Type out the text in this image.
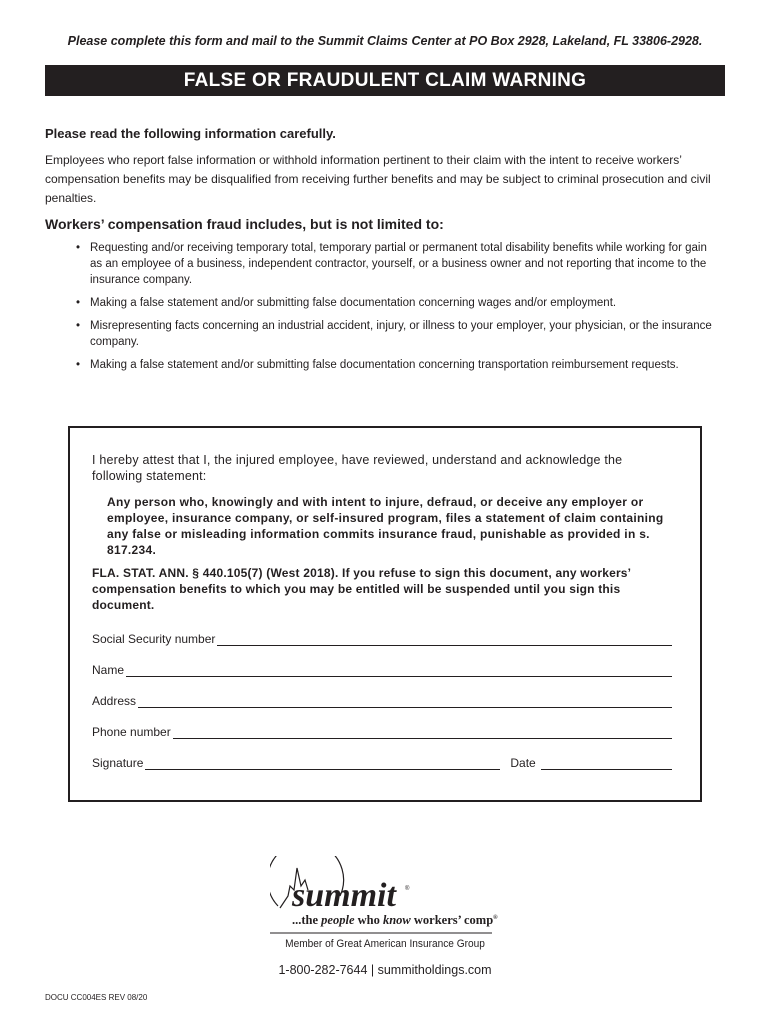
Please complete this form and mail to the Summit Claims Center at PO Box 2928, Lakeland, FL 33806-2928.
FALSE OR FRAUDULENT CLAIM WARNING
Please read the following information carefully.
Employees who report false information or withhold information pertinent to their claim with the intent to receive workers’ compensation benefits may be disqualified from receiving further benefits and may be subject to criminal prosecution and civil penalties.
Workers’ compensation fraud includes, but is not limited to:
• Requesting and/or receiving temporary total, temporary partial or permanent total disability benefits while working for gain as an employee of a business, independent contractor, yourself, or a business owner and not reporting that income to the insurance company.
• Making a false statement and/or submitting false documentation concerning wages and/or employment.
• Misrepresenting facts concerning an industrial accident, injury, or illness to your employer, your physician, or the insurance company.
• Making a false statement and/or submitting false documentation concerning transportation reimbursement requests.
I hereby attest that I, the injured employee, have reviewed, understand and acknowledge the following statement:
Any person who, knowingly and with intent to injure, defraud, or deceive any employer or employee, insurance company, or self-insured program, files a statement of claim containing any false or misleading information commits insurance fraud, punishable as provided in s. 817.234.
FLA. STAT. ANN. § 440.105(7) (West 2018). If you refuse to sign this document, any workers’ compensation benefits to which you may be entitled will be suspended until you sign this document.
Social Security number
Name
Address
Phone number
Signature	Date
summit ®
...the people who know workers’ comp®
Member of Great American Insurance Group
1-800-282-7644 | summitholdings.com
DOCU CC004ES REV 08/20
